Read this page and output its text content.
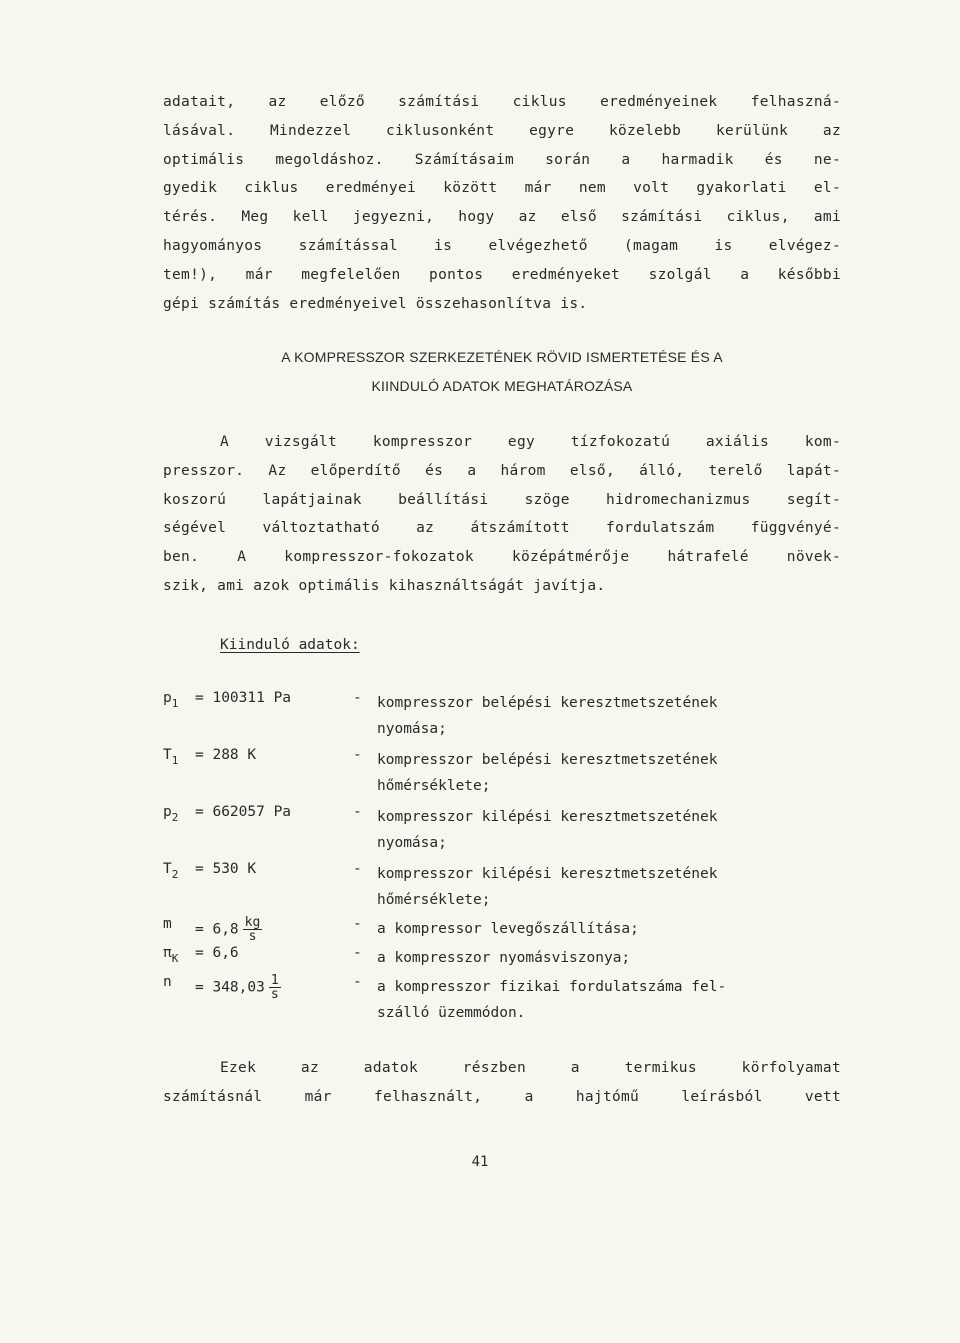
adatait, az előző számítási ciklus eredményeinek felhaszná-

lásával. Mindezzel ciklusonként egyre közelebb kerülünk az

optimális megoldáshoz. Számításaim során a harmadik és ne-

gyedik ciklus eredményei között már nem volt gyakorlati el-

térés. Meg kell jegyezni, hogy az első számítási ciklus, ami

hagyományos számítással is elvégezhető (magam is elvégez-

tem!), már megfelelően pontos eredményeket szolgál a későbbi

gépi számítás eredményeivel összehasonlítva is.

A KOMPRESSZOR SZERKEZETÉNEK RÖVID ISMERTETÉSE ÉS A
KIINDULÓ ADATOK MEGHATÁROZÁSA

A vizsgált kompresszor egy tízfokozatú axiális kom-

presszor. Az előperdítő és a három első, álló, terelő lapát-

koszorú lapátjainak beállítási szöge hidromechanizmus segít-

ségével változtatható az átszámított fordulatszám függvényé-

ben. A kompresszor-fokozatok középátmérője hátrafelé növek-

szik, ami azok optimális kihasználtságát javítja.

Kiinduló adatok:
$p_1 = 100311$ Pa	- kompresszor belépési keresztmetszetének
nyomása;
$T_1 = 288$ K	- kompresszor belépési keresztmetszetének
hőmérséklete;
$p_2 = 662057$ Pa	- kompresszor kilépési keresztmetszetének
nyomása;
$T_2 = 530$ K	- kompresszor kilépési keresztmetszetének
hőmérséklete;
$m = 6,8 \frac{kg}{s}$	- a kompressor levegőszállítása;
$\pi_K = 6,6$	- a kompresszor nyomásviszonya;
$n = 348,03 \frac{1}{s}$	- a kompresszor fizikai fordulatszáma fel-
szálló üzemmódon.

Ezek az adatok részben a termikus körfolyamat

számításnál már felhasznált, a hajtómű leírásból vett

41
